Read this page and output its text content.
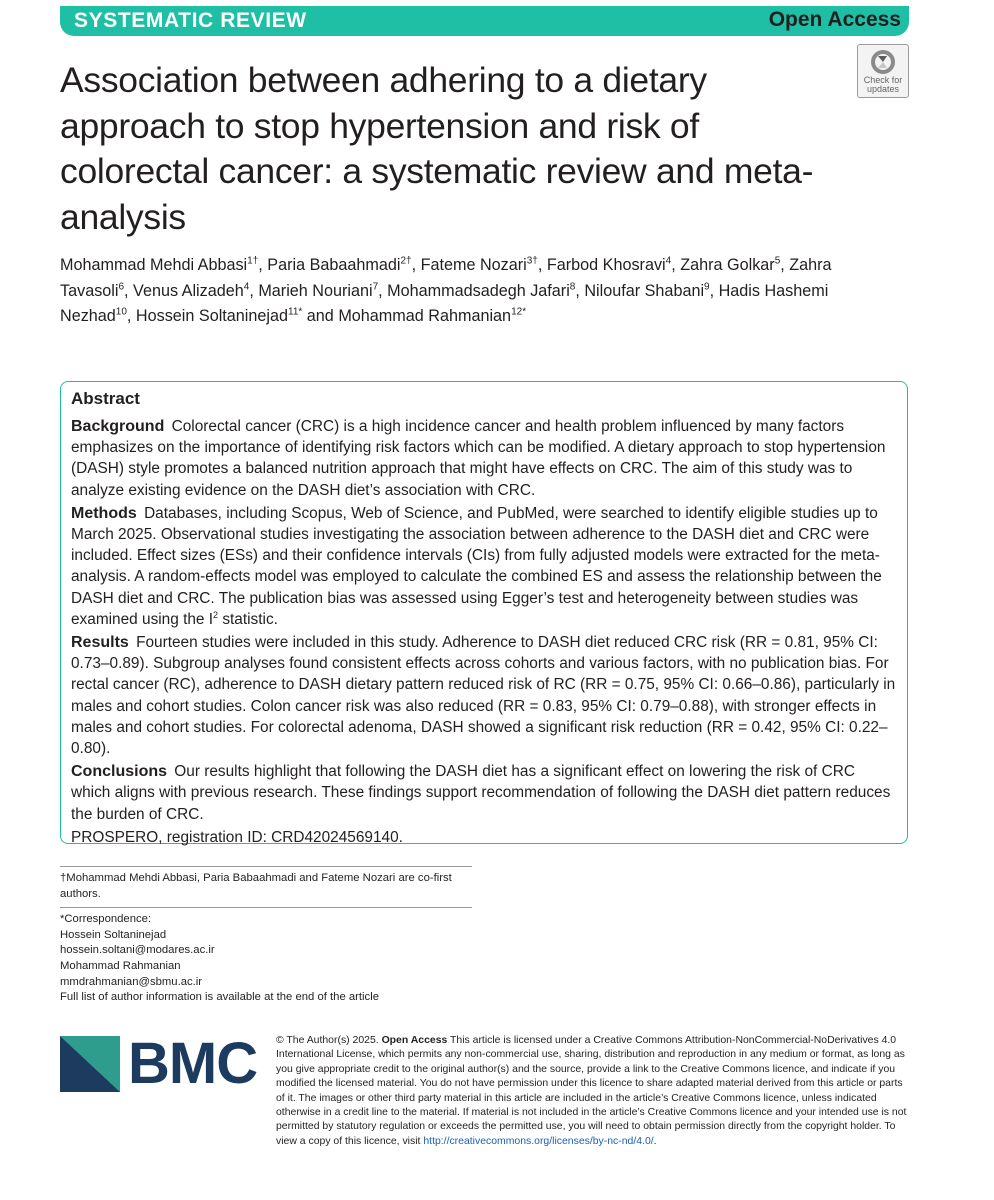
SYSTEMATIC REVIEW	Open Access
Check for
updates
Association between adhering to a dietary approach to stop hypertension and risk of colorectal cancer: a systematic review and meta-analysis
Mohammad Mehdi Abbasi$^{1\dagger}$, Paria Babaahmadi$^{2\dagger}$, Fateme Nozari$^{3\dagger}$, Farbod Khosravi$^4$, Zahra Golkar$^5$, Zahra Tavasoli$^6$, Venus Alizadeh$^4$, Marieh Nouriani$^7$, Mohammadsadegh Jafari$^8$, Niloufar Shabani$^9$, Hadis Hashemi Nezhad$^{10}$, Hossein Soltaninejad$^{11*}$ and Mohammad Rahmanian$^{12*}$
Abstract

Background Colorectal cancer (CRC) is a high incidence cancer and health problem influenced by many factors emphasizes on the importance of identifying risk factors which can be modified. A dietary approach to stop hypertension (DASH) style promotes a balanced nutrition approach that might have effects on CRC. The aim of this study was to analyze existing evidence on the DASH diet’s association with CRC.

Methods Databases, including Scopus, Web of Science, and PubMed, were searched to identify eligible studies up to March 2025. Observational studies investigating the association between adherence to the DASH diet and CRC were included. Effect sizes (ESs) and their confidence intervals (CIs) from fully adjusted models were extracted for the meta-analysis. A random-effects model was employed to calculate the combined ES and assess the relationship between the DASH diet and CRC. The publication bias was assessed using Egger’s test and heterogeneity between studies was examined using the $I^2$ statistic.

Results Fourteen studies were included in this study. Adherence to DASH diet reduced CRC risk (RR = 0.81, 95% CI: 0.73–0.89). Subgroup analyses found consistent effects across cohorts and various factors, with no publication bias. For rectal cancer (RC), adherence to DASH dietary pattern reduced risk of RC (RR = 0.75, 95% CI: 0.66–0.86), particularly in males and cohort studies. Colon cancer risk was also reduced (RR = 0.83, 95% CI: 0.79–0.88), with stronger effects in males and cohort studies. For colorectal adenoma, DASH showed a significant risk reduction (RR = 0.42, 95% CI: 0.22–0.80).

Conclusions Our results highlight that following the DASH diet has a significant effect on lowering the risk of CRC which aligns with previous research. These findings support recommendation of following the DASH diet pattern reduces the burden of CRC.

PROSPERO, registration ID: CRD42024569140.

†Mohammad Mehdi Abbasi, Paria Babaahmadi and Fateme Nozari are co-first authors.
*Correspondence:
Hossein Soltaninejad
hossein.soltani@modares.ac.ir
Mohammad Rahmanian
mmdrahmanian@sbmu.ac.ir
Full list of author information is available at the end of the article
BMC © The Author(s) 2025. Open Access This article is licensed under a Creative Commons Attribution-NonCommercial-NoDerivatives 4.0 International License, which permits any non-commercial use, sharing, distribution and reproduction in any medium or format, as long as you give appropriate credit to the original author(s) and the source, provide a link to the Creative Commons licence, and indicate if you modified the licensed material. You do not have permission under this licence to share adapted material derived from this article or parts of it. The images or other third party material in this article are included in the article’s Creative Commons licence, unless indicated otherwise in a credit line to the material. If material is not included in the article’s Creative Commons licence and your intended use is not permitted by statutory regulation or exceeds the permitted use, you will need to obtain permission directly from the copyright holder. To view a copy of this licence, visit http://creativecommons.org/licenses/by-nc-nd/4.0/.
